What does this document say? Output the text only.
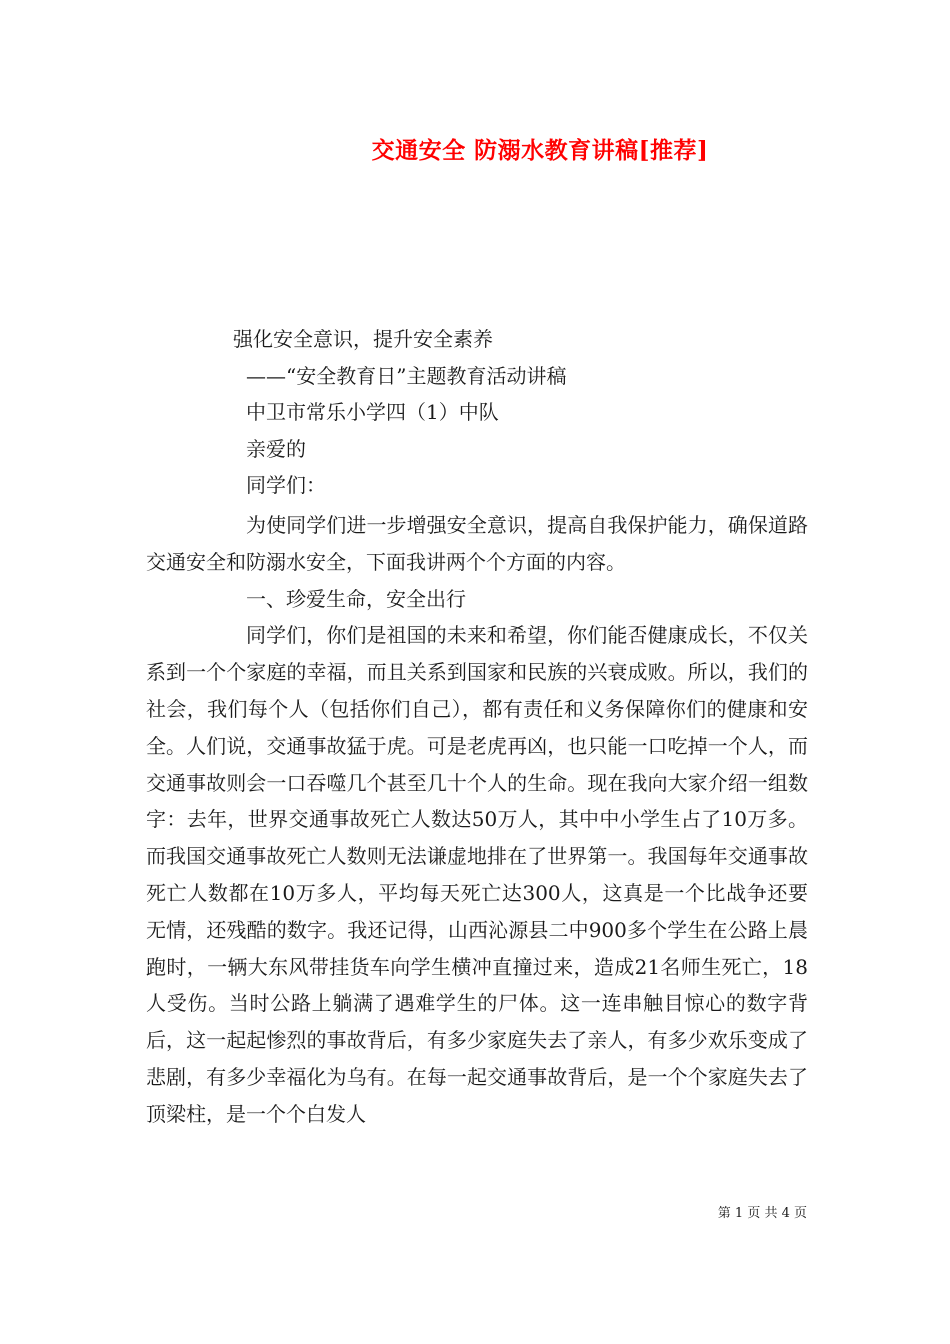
交通安全 防溺水教育讲稿[推荐]

强化安全意识，提升安全素养

——“安全教育日”主题教育活动讲稿

中卫市常乐小学四（1）中队

亲爱的

同学们：

为使同学们进一步增强安全意识，提高自我保护能力，确保道路交通安全和防溺水安全，下面我讲两个个方面的内容。

一、珍爱生命，安全出行

同学们，你们是祖国的未来和希望，你们能否健康成长，不仅关系到一个个家庭的幸福，而且关系到国家和民族的兴衰成败。所以，我们的社会，我们每个人（包括你们自己），都有责任和义务保障你们的健康和安全。人们说，交通事故猛于虎。可是老虎再凶，也只能一口吃掉一个人，而交通事故则会一口吞噬几个甚至几十个人的生命。现在我向大家介绍一组数字：去年，世界交通事故死亡人数达50万人，其中中小学生占了10万多。而我国交通事故死亡人数则无法谦虚地排在了世界第一。我国每年交通事故死亡人数都在10万多人，平均每天死亡达300人，这真是一个比战争还要无情，还残酷的数字。我还记得，山西沁源县二中900多个学生在公路上晨跑时，一辆大东风带挂货车向学生横冲直撞过来，造成21名师生死亡，18人受伤。当时公路上躺满了遇难学生的尸体。这一连串触目惊心的数字背后，这一起起惨烈的事故背后，有多少家庭失去了亲人，有多少欢乐变成了悲剧，有多少幸福化为乌有。在每一起交通事故背后，是一个个家庭失去了顶梁柱，是一个个白发人

第 1 页 共 4 页
